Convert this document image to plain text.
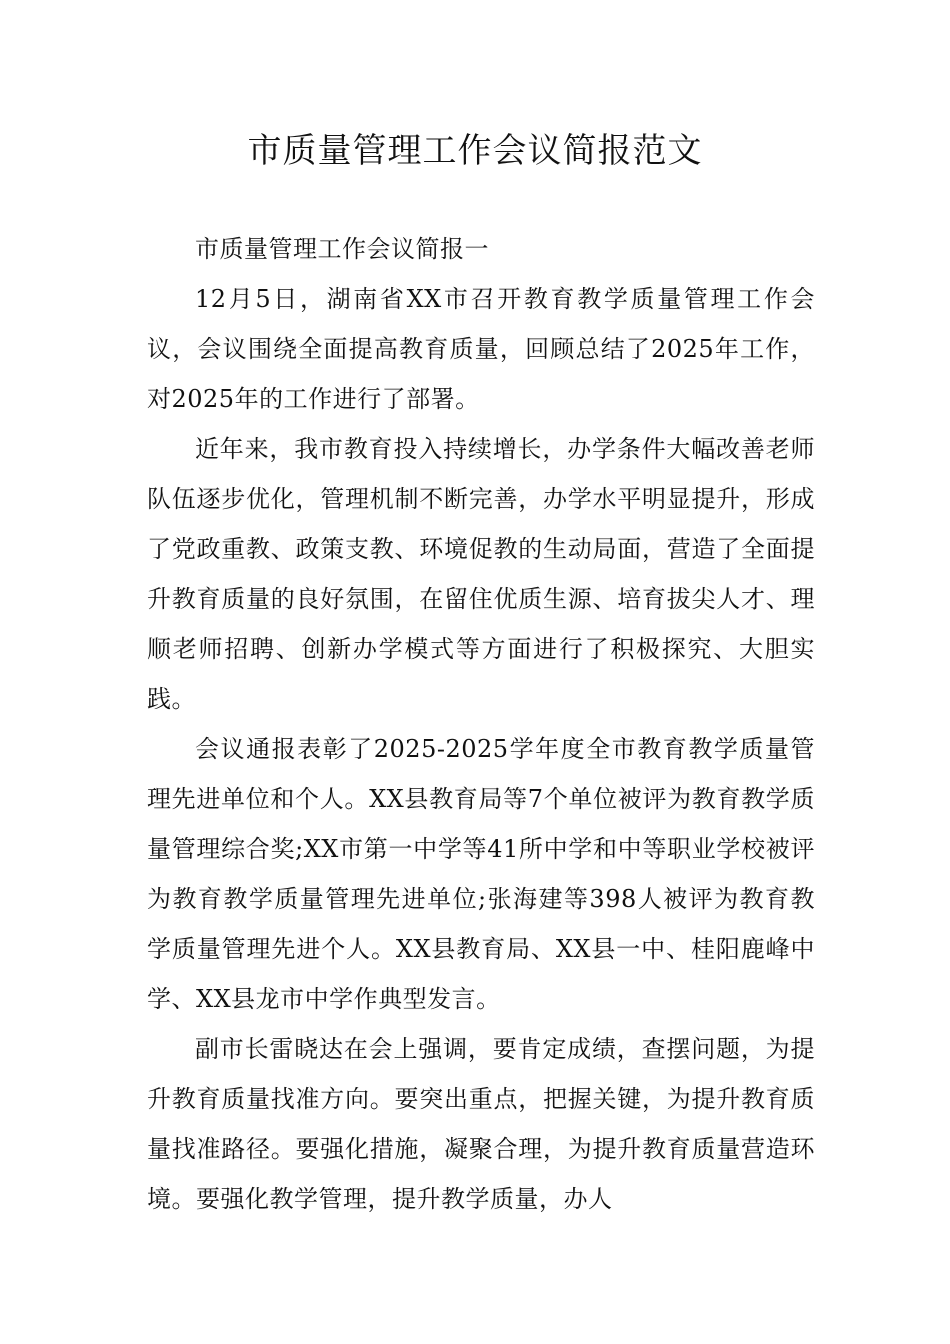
市质量管理工作会议简报范文

市质量管理工作会议简报一

12月5日，湖南省XX市召开教育教学质量管理工作会议，会议围绕全面提高教育质量，回顾总结了2025年工作，对2025年的工作进行了部署。

近年来，我市教育投入持续增长，办学条件大幅改善老师队伍逐步优化，管理机制不断完善，办学水平明显提升，形成了党政重教、政策支教、环境促教的生动局面，营造了全面提升教育质量的良好氛围，在留住优质生源、培育拔尖人才、理顺老师招聘、创新办学模式等方面进行了积极探究、大胆实践。

会议通报表彰了2025-2025学年度全市教育教学质量管理先进单位和个人。XX县教育局等7个单位被评为教育教学质量管理综合奖;XX市第一中学等41所中学和中等职业学校被评为教育教学质量管理先进单位;张海建等398人被评为教育教学质量管理先进个人。XX县教育局、XX县一中、桂阳鹿峰中学、XX县龙市中学作典型发言。

副市长雷晓达在会上强调，要肯定成绩，查摆问题，为提升教育质量找准方向。要突出重点，把握关键，为提升教育质量找准路径。要强化措施，凝聚合理，为提升教育质量营造环境。要强化教学管理，提升教学质量，办人
